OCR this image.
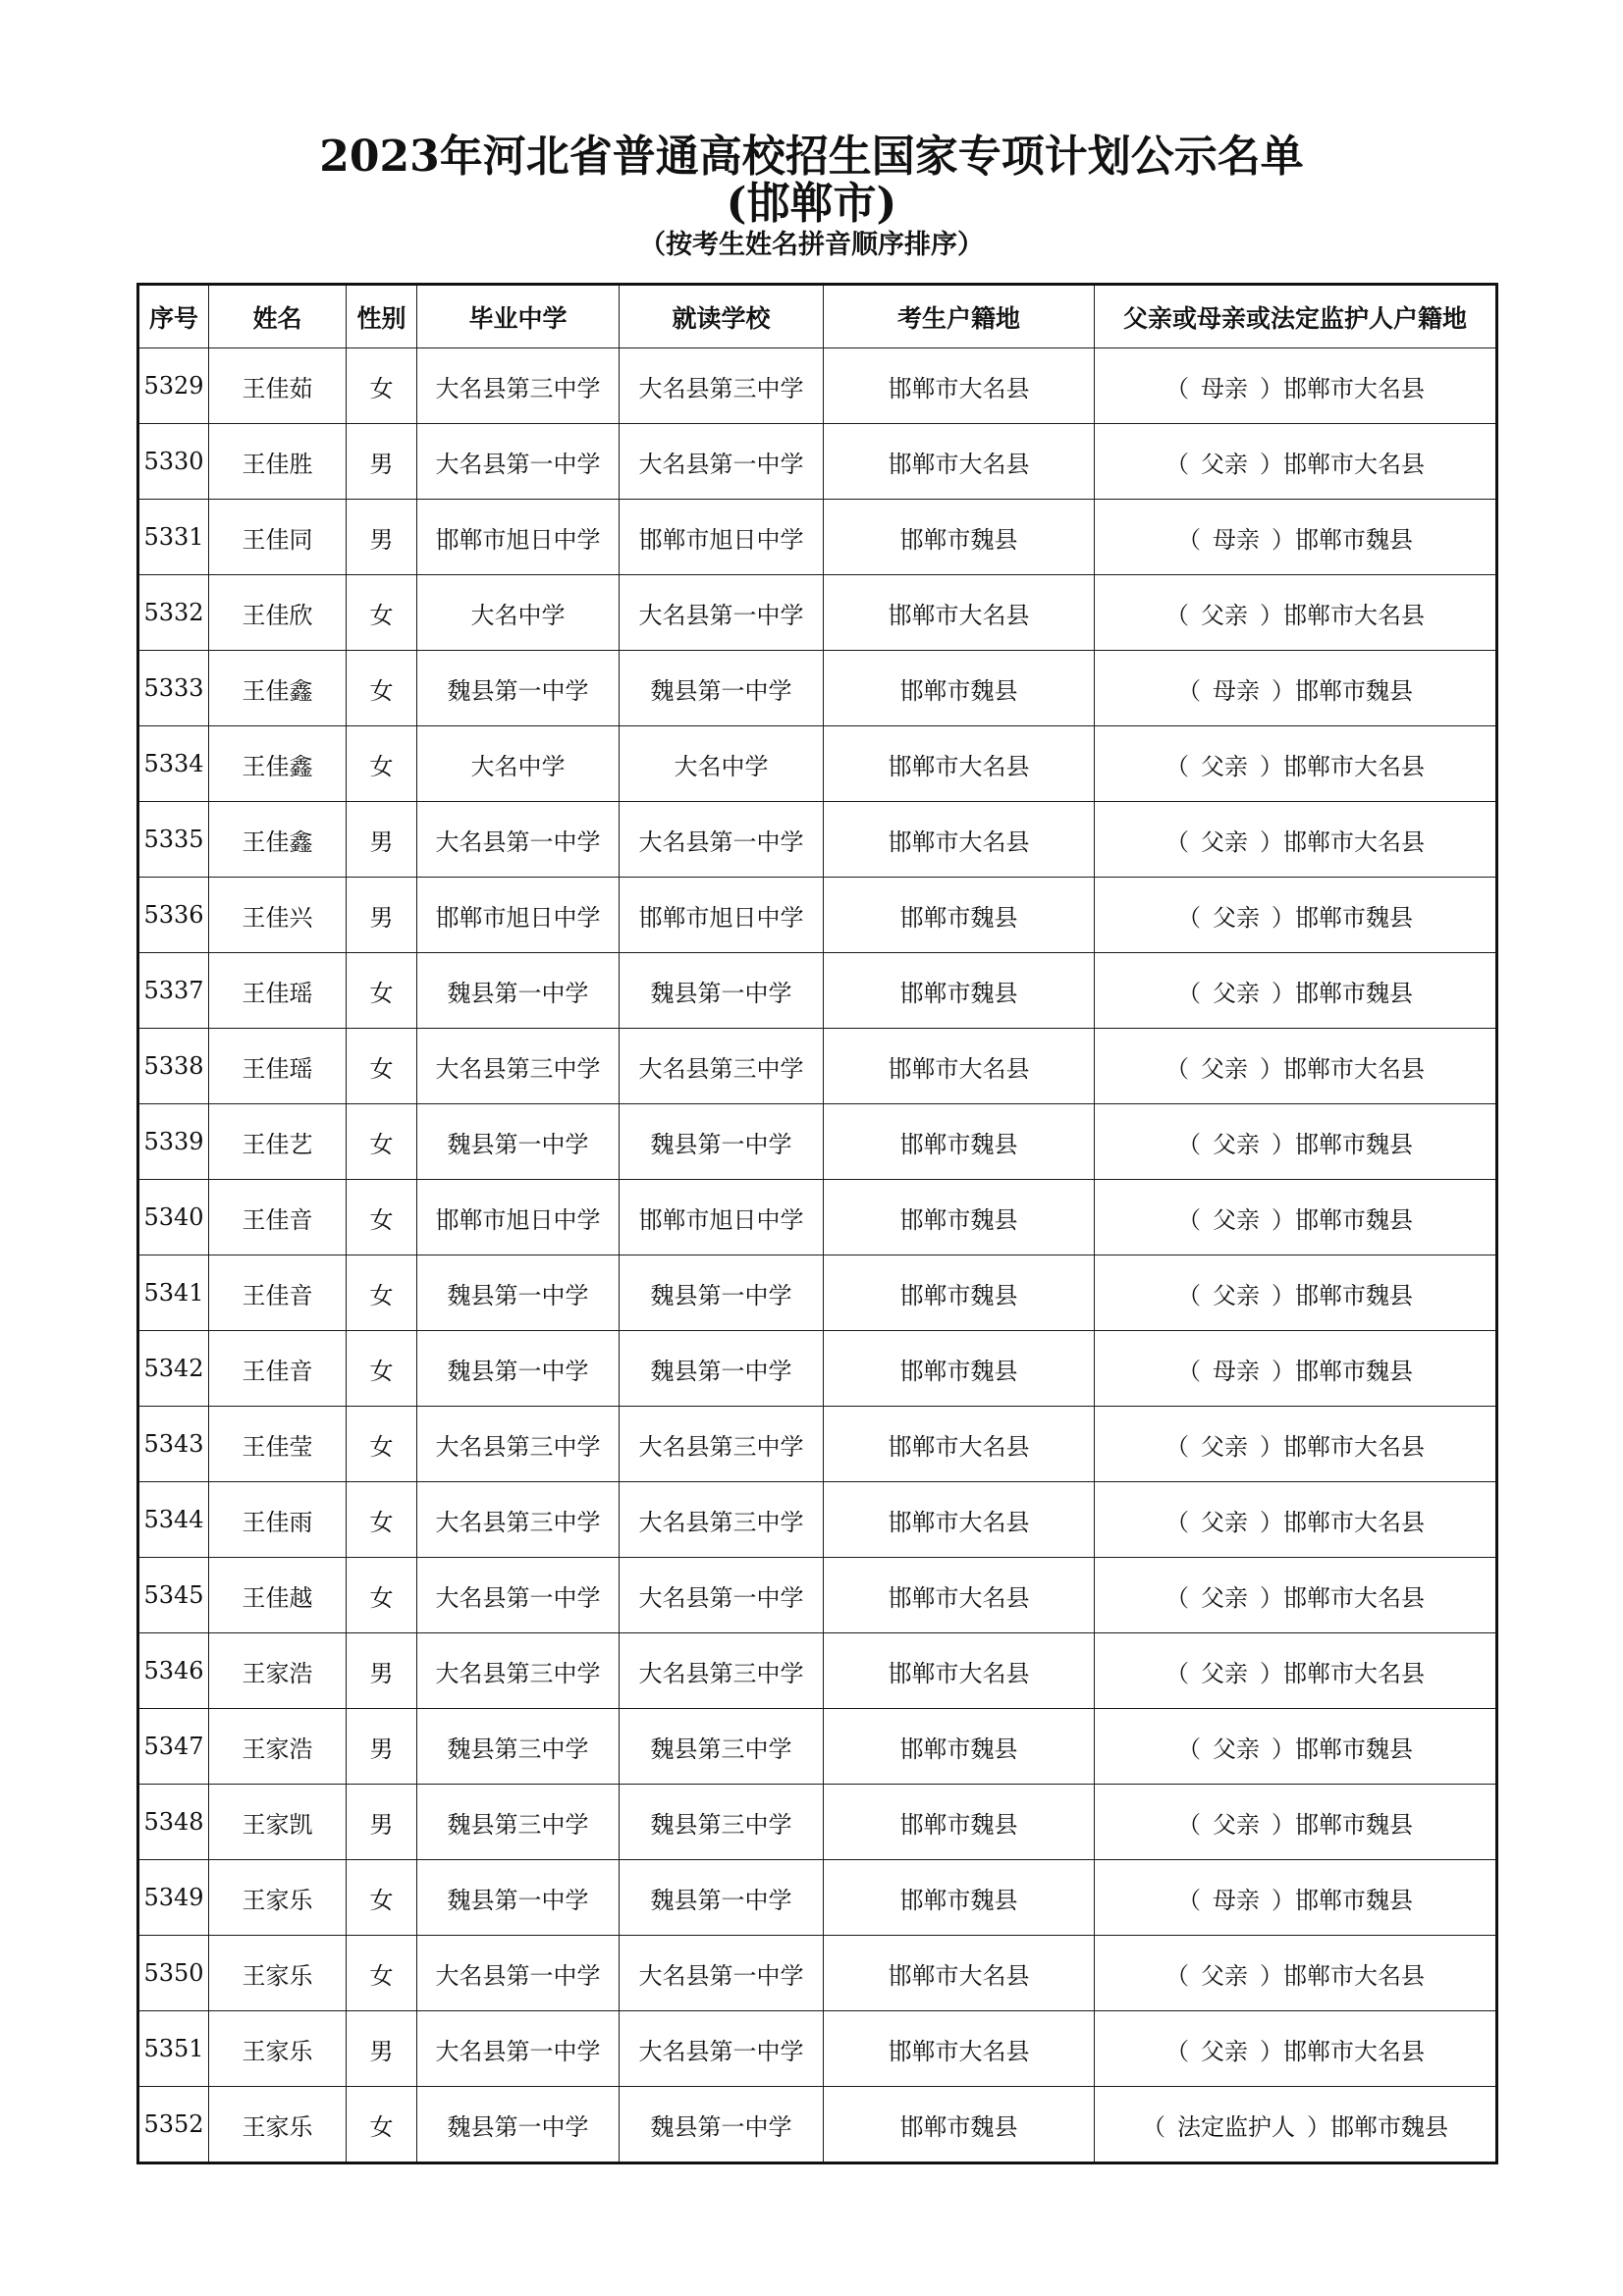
2023年河北省普通高校招生国家专项计划公示名单
(邯郸市)
（按考生姓名拼音顺序排序）
序号	姓名	性别	毕业中学	就读学校	考生户籍地	父亲或母亲或法定监护人户籍地
5329	王佳茹	女	大名县第三中学	大名县第三中学	邯郸市大名县	（ 母亲 ）邯郸市大名县
5330	王佳胜	男	大名县第一中学	大名县第一中学	邯郸市大名县	（ 父亲 ）邯郸市大名县
5331	王佳同	男	邯郸市旭日中学	邯郸市旭日中学	邯郸市魏县	（ 母亲 ）邯郸市魏县
5332	王佳欣	女	大名中学	大名县第一中学	邯郸市大名县	（ 父亲 ）邯郸市大名县
5333	王佳鑫	女	魏县第一中学	魏县第一中学	邯郸市魏县	（ 母亲 ）邯郸市魏县
5334	王佳鑫	女	大名中学	大名中学	邯郸市大名县	（ 父亲 ）邯郸市大名县
5335	王佳鑫	男	大名县第一中学	大名县第一中学	邯郸市大名县	（ 父亲 ）邯郸市大名县
5336	王佳兴	男	邯郸市旭日中学	邯郸市旭日中学	邯郸市魏县	（ 父亲 ）邯郸市魏县
5337	王佳瑶	女	魏县第一中学	魏县第一中学	邯郸市魏县	（ 父亲 ）邯郸市魏县
5338	王佳瑶	女	大名县第三中学	大名县第三中学	邯郸市大名县	（ 父亲 ）邯郸市大名县
5339	王佳艺	女	魏县第一中学	魏县第一中学	邯郸市魏县	（ 父亲 ）邯郸市魏县
5340	王佳音	女	邯郸市旭日中学	邯郸市旭日中学	邯郸市魏县	（ 父亲 ）邯郸市魏县
5341	王佳音	女	魏县第一中学	魏县第一中学	邯郸市魏县	（ 父亲 ）邯郸市魏县
5342	王佳音	女	魏县第一中学	魏县第一中学	邯郸市魏县	（ 母亲 ）邯郸市魏县
5343	王佳莹	女	大名县第三中学	大名县第三中学	邯郸市大名县	（ 父亲 ）邯郸市大名县
5344	王佳雨	女	大名县第三中学	大名县第三中学	邯郸市大名县	（ 父亲 ）邯郸市大名县
5345	王佳越	女	大名县第一中学	大名县第一中学	邯郸市大名县	（ 父亲 ）邯郸市大名县
5346	王家浩	男	大名县第三中学	大名县第三中学	邯郸市大名县	（ 父亲 ）邯郸市大名县
5347	王家浩	男	魏县第三中学	魏县第三中学	邯郸市魏县	（ 父亲 ）邯郸市魏县
5348	王家凯	男	魏县第三中学	魏县第三中学	邯郸市魏县	（ 父亲 ）邯郸市魏县
5349	王家乐	女	魏县第一中学	魏县第一中学	邯郸市魏县	（ 母亲 ）邯郸市魏县
5350	王家乐	女	大名县第一中学	大名县第一中学	邯郸市大名县	（ 父亲 ）邯郸市大名县
5351	王家乐	男	大名县第一中学	大名县第一中学	邯郸市大名县	（ 父亲 ）邯郸市大名县
5352	王家乐	女	魏县第一中学	魏县第一中学	邯郸市魏县	（ 法定监护人 ）邯郸市魏县
